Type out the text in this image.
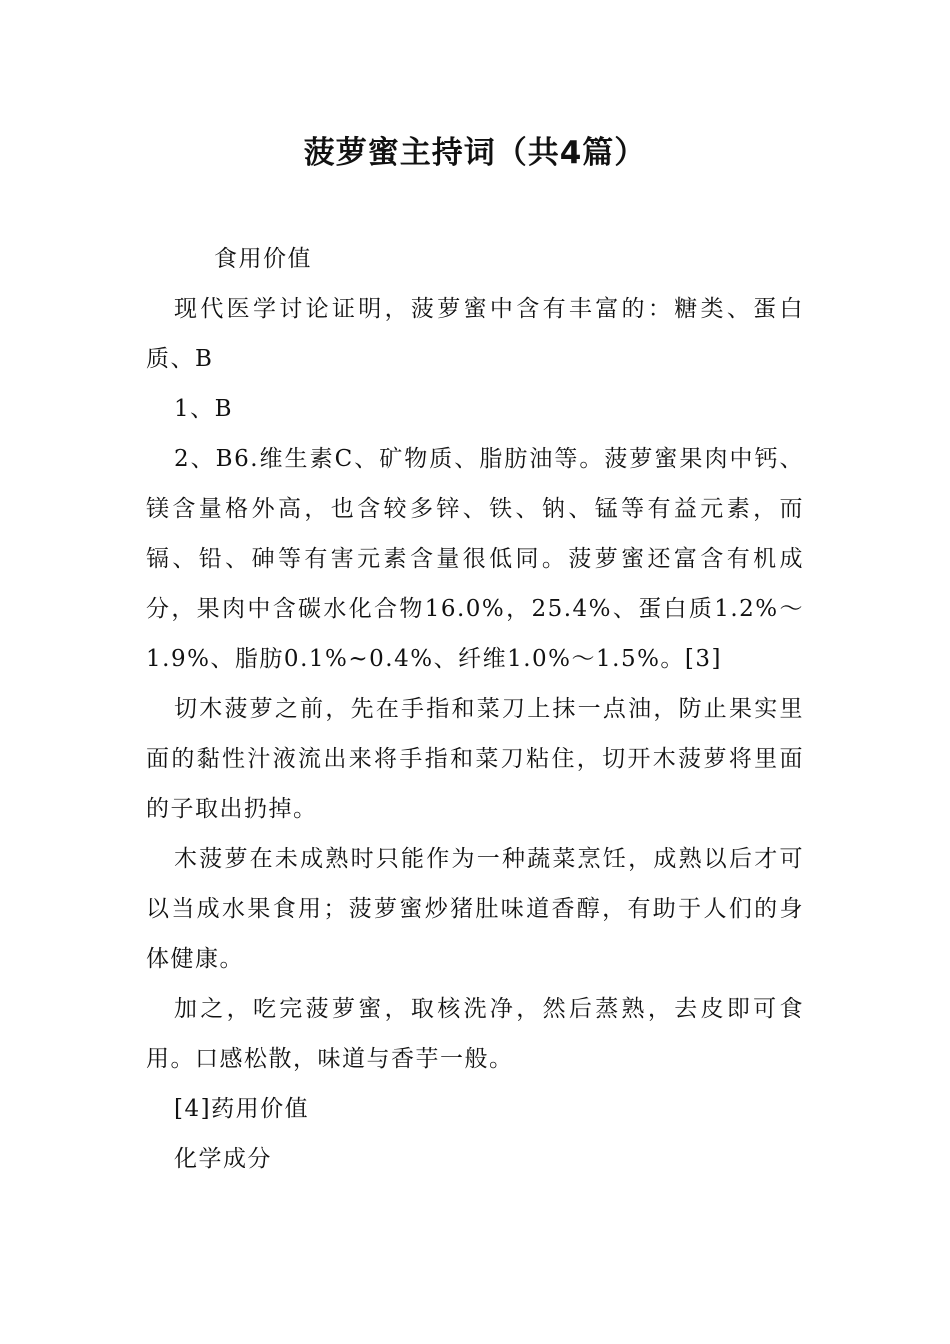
菠萝蜜主持词（共4篇）

食用价值

现代医学讨论证明，菠萝蜜中含有丰富的：糖类、蛋白质、B

1、B

2、B6.维生素C、矿物质、脂肪油等。菠萝蜜果肉中钙、镁含量格外高，也含较多锌、铁、钠、锰等有益元素，而镉、铅、砷等有害元素含量很低同。菠萝蜜还富含有机成分，果肉中含碳水化合物16.0%，25.4%、蛋白质1.2%～1.9%、脂肪0.1%~0.4%、纤维1.0%～1.5%。[3]

切木菠萝之前，先在手指和菜刀上抹一点油，防止果实里面的黏性汁液流出来将手指和菜刀粘住，切开木菠萝将里面的子取出扔掉。

木菠萝在未成熟时只能作为一种蔬菜烹饪，成熟以后才可以当成水果食用；菠萝蜜炒猪肚味道香醇，有助于人们的身体健康。

加之，吃完菠萝蜜，取核洗净，然后蒸熟，去皮即可食用。口感松散，味道与香芋一般。

[4]药用价值

化学成分
